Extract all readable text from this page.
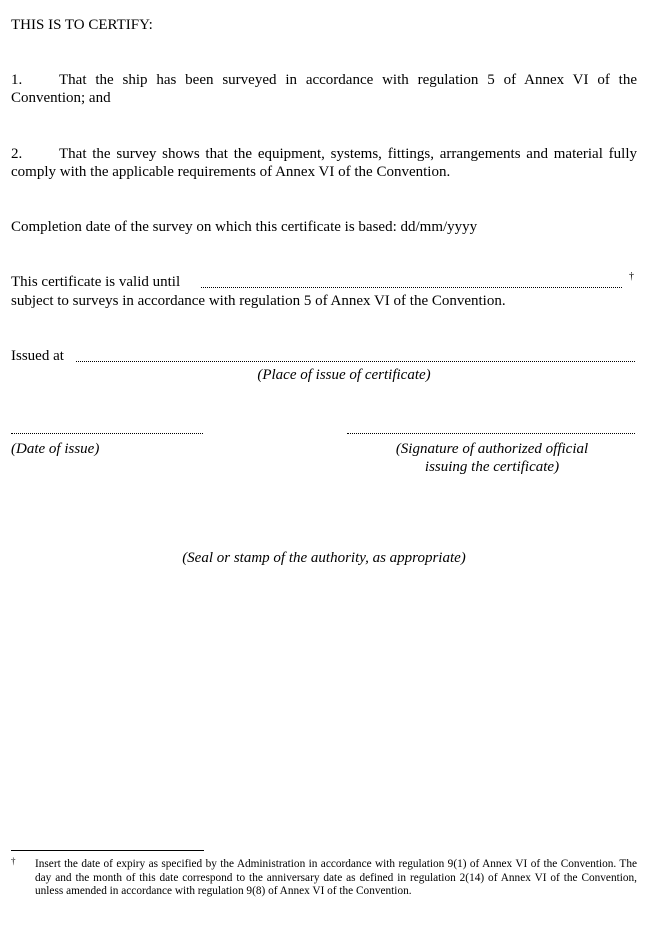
THIS IS TO CERTIFY:

1. That the ship has been surveyed in accordance with regulation 5 of Annex VI of the Convention; and

2. That the survey shows that the equipment, systems, fittings, arrangements and material fully comply with the applicable requirements of Annex VI of the Convention.

Completion date of the survey on which this certificate is based: dd/mm/yyyy
This certificate is valid until	†
subject to surveys in accordance with regulation 5 of Annex VI of the Convention.
Issued at
(Place of issue of certificate)
(Date of issue)	(Signature of authorized official
issuing the certificate)
(Seal or stamp of the authority, as appropriate)
† Insert the date of expiry as specified by the Administration in accordance with regulation 9(1) of Annex VI of the Convention. The day and the month of this date correspond to the anniversary date as defined in regulation 2(14) of Annex VI of the Convention, unless amended in accordance with regulation 9(8) of Annex VI of the Convention.
